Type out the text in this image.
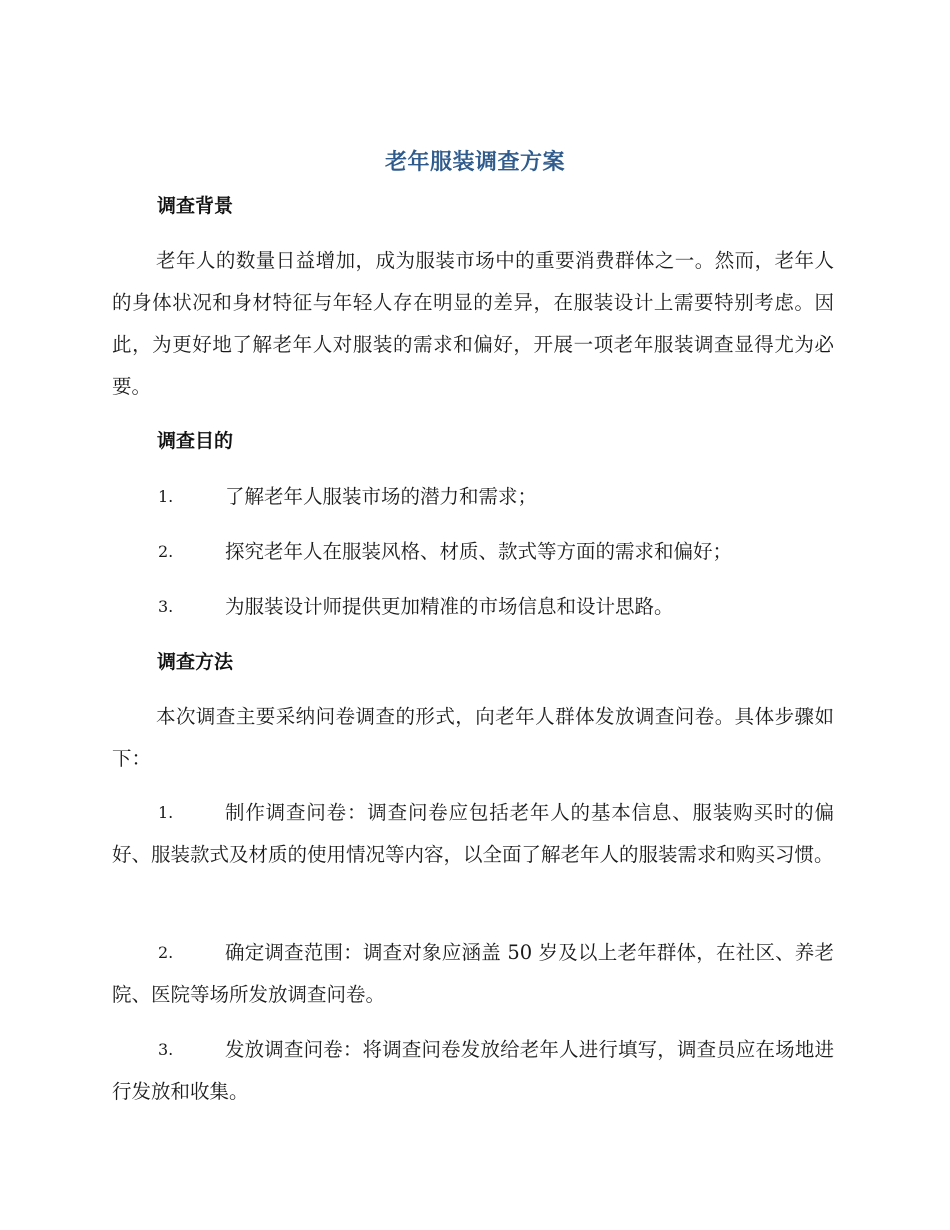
老年服装调查方案
调查背景
老年人的数量日益增加，成为服装市场中的重要消费群体之一。然而，老年人的身体状况和身材特征与年轻人存在明显的差异，在服装设计上需要特别考虑。因此，为更好地了解老年人对服装的需求和偏好，开展一项老年服装调查显得尤为必要。
调查目的
1.	了解老年人服装市场的潜力和需求；
2.	探究老年人在服装风格、材质、款式等方面的需求和偏好；
3.	为服装设计师提供更加精准的市场信息和设计思路。
调查方法
本次调查主要采纳问卷调查的形式，向老年人群体发放调查问卷。具体步骤如下：
1.	制作调查问卷：调查问卷应包括老年人的基本信息、服装购买时的偏好、服装款式及材质的使用情况等内容，以全面了解老年人的服装需求和购买习惯。
2.	确定调查范围：调查对象应涵盖 50 岁及以上老年群体，在社区、养老院、医院等场所发放调查问卷。
3.	发放调查问卷：将调查问卷发放给老年人进行填写，调查员应在场地进行发放和收集。
